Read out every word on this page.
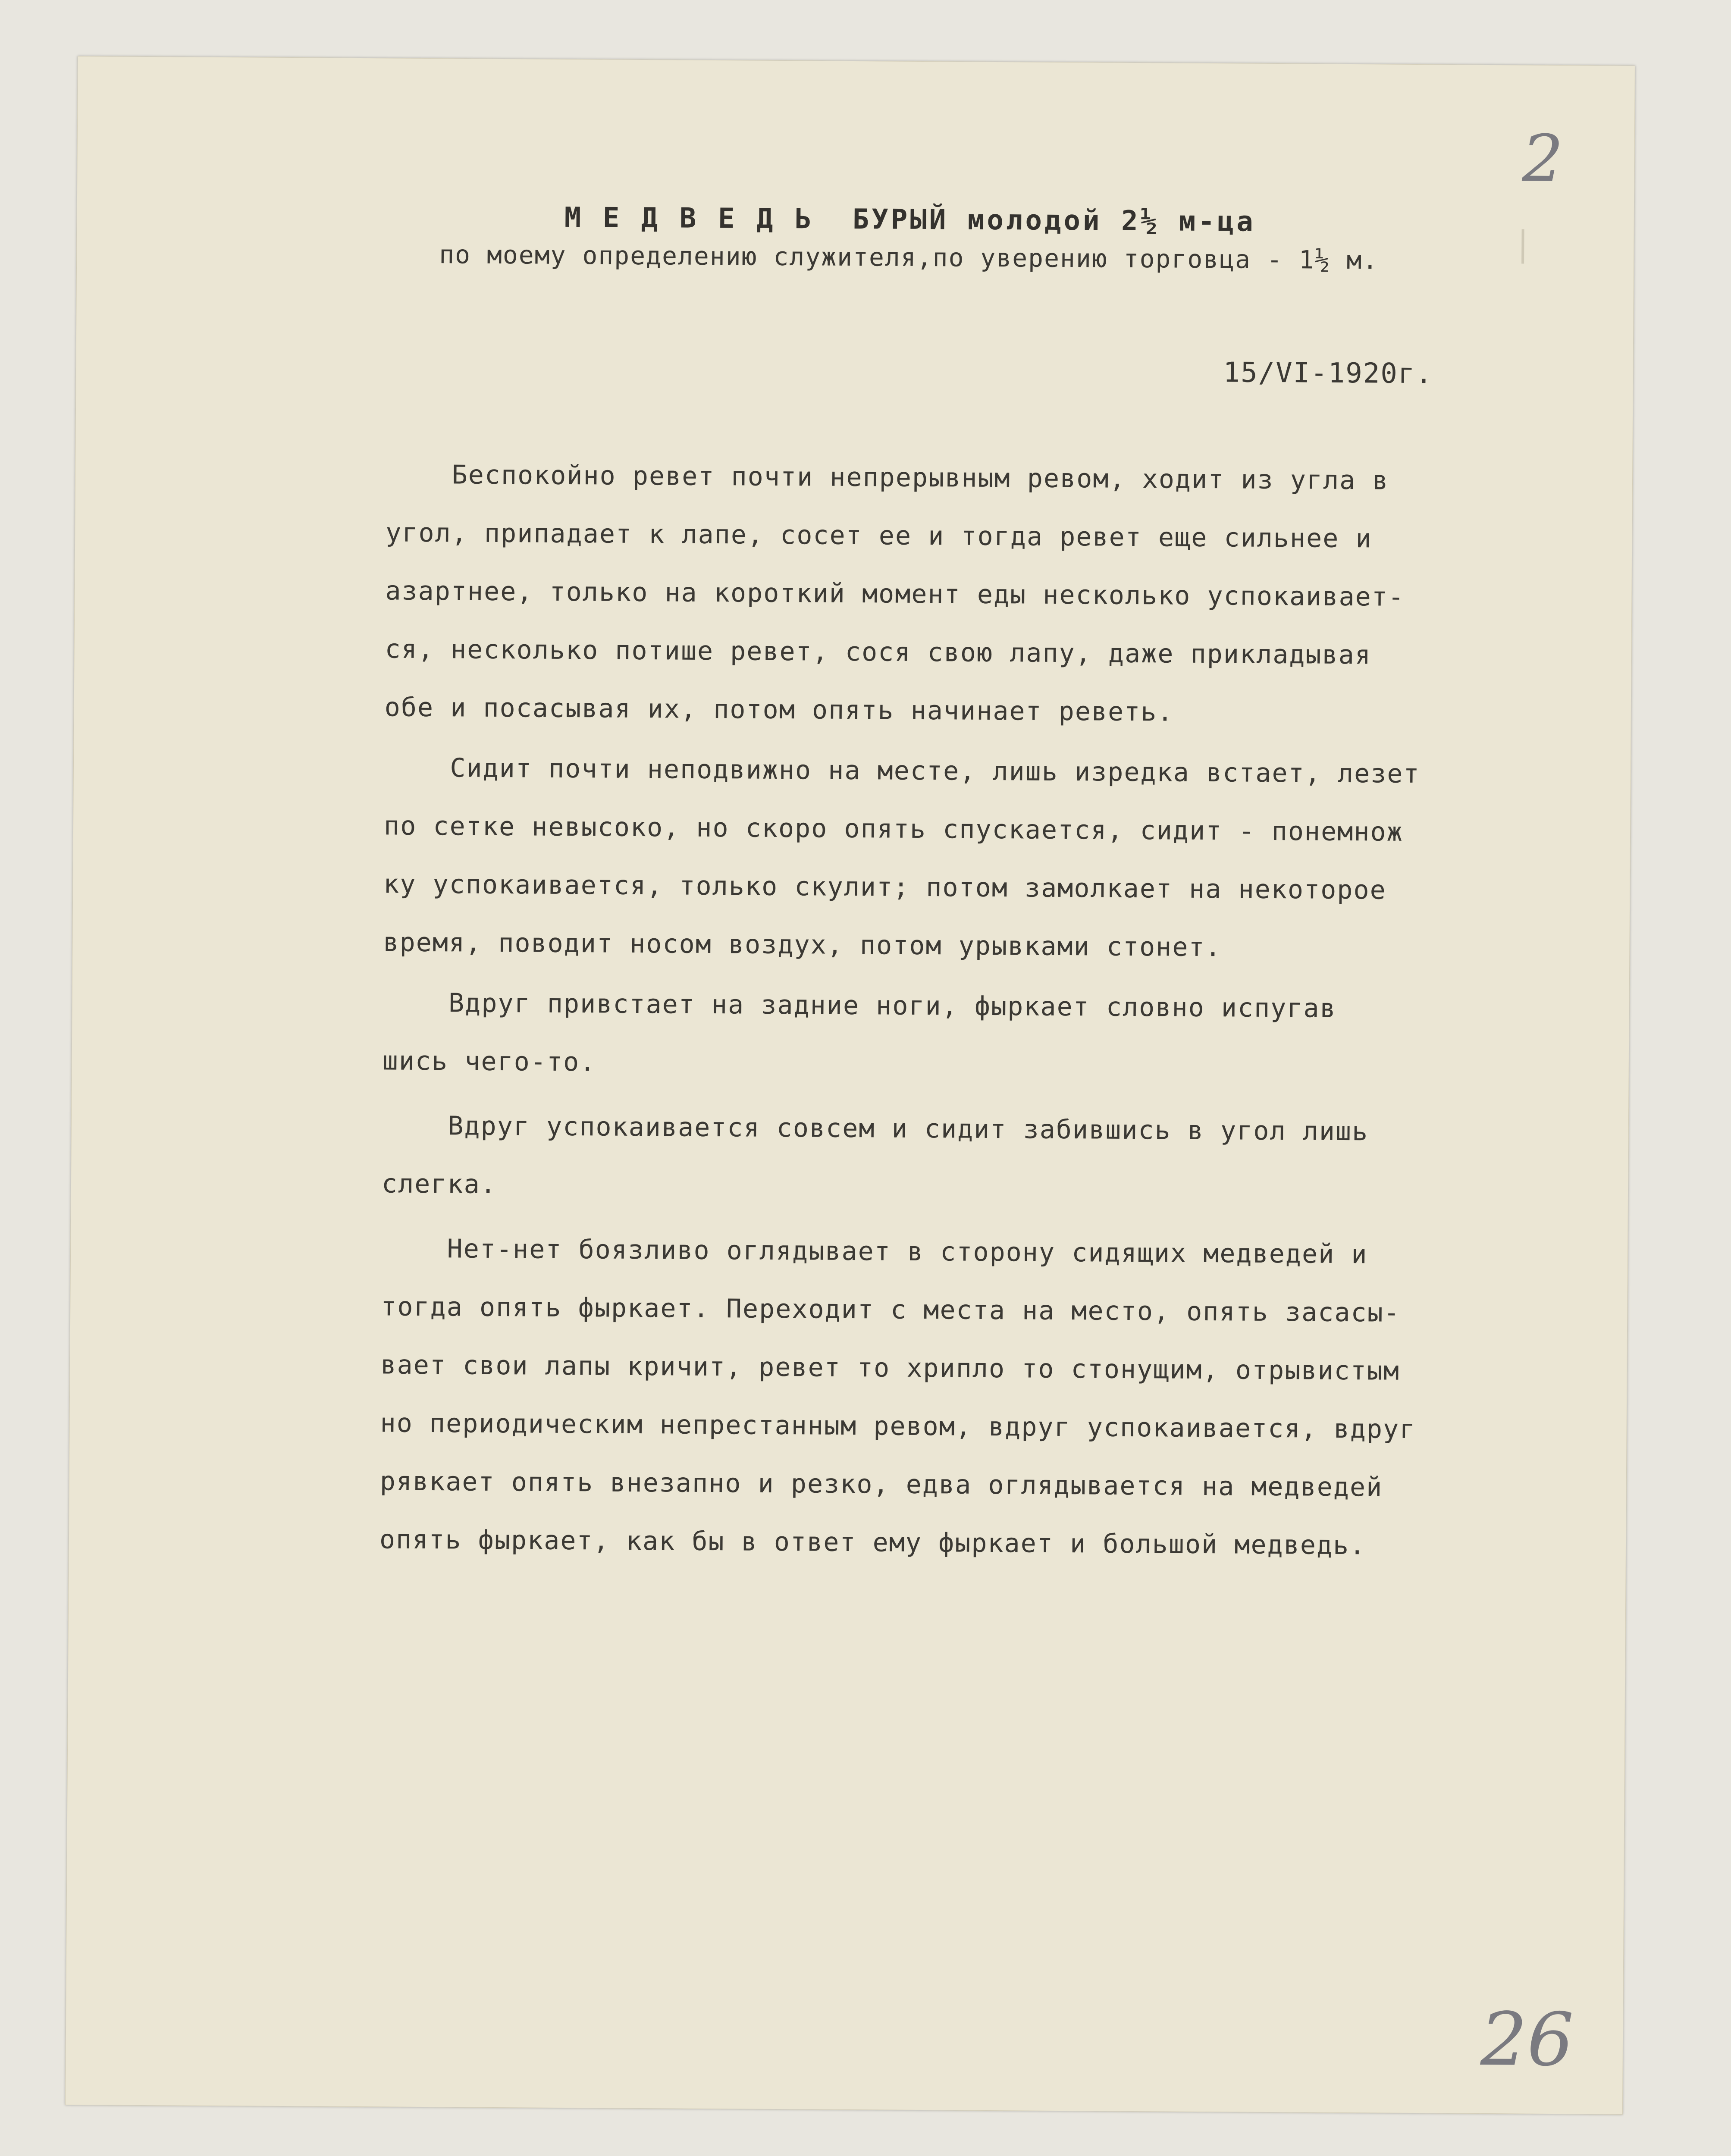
2
М Е Д В Е Д Ь  БУРЫЙ молодой 2½ м-ца
по моему определению служителя,по уверению торговца - 1½ м.
15/VI-1920г.
Беспокойно ревет почти непрерывным ревом, ходит из угла в
угол, припадает к лапе, сосет ее и тогда ревет еще сильнее и
азартнее, только на короткий момент еды несколько успокаивает-
ся, несколько потише ревет, сося свою лапу, даже прикладывая
обе и посасывая их, потом опять начинает реветь.
Сидит почти неподвижно на месте, лишь изредка встает, лезет
по сетке невысоко, но скоро опять спускается, сидит - понемнож
ку успокаивается, только скулит; потом замолкает на некоторое
время, поводит носом воздух, потом урывками стонет.
Вдруг привстает на задние ноги, фыркает словно испугав
шись чего-то.
Вдруг успокаивается совсем и сидит забившись в угол лишь
слегка.
Нет-нет боязливо оглядывает в сторону сидящих медведей и
тогда опять фыркает. Переходит с места на место, опять засасы-
вает свои лапы кричит, ревет то хрипло то стонущим, отрывистым
но периодическим непрестанным ревом, вдруг успокаивается, вдруг
рявкает опять внезапно и резко, едва оглядывается на медведей
опять фыркает, как бы в ответ ему фыркает и большой медведь.
26
